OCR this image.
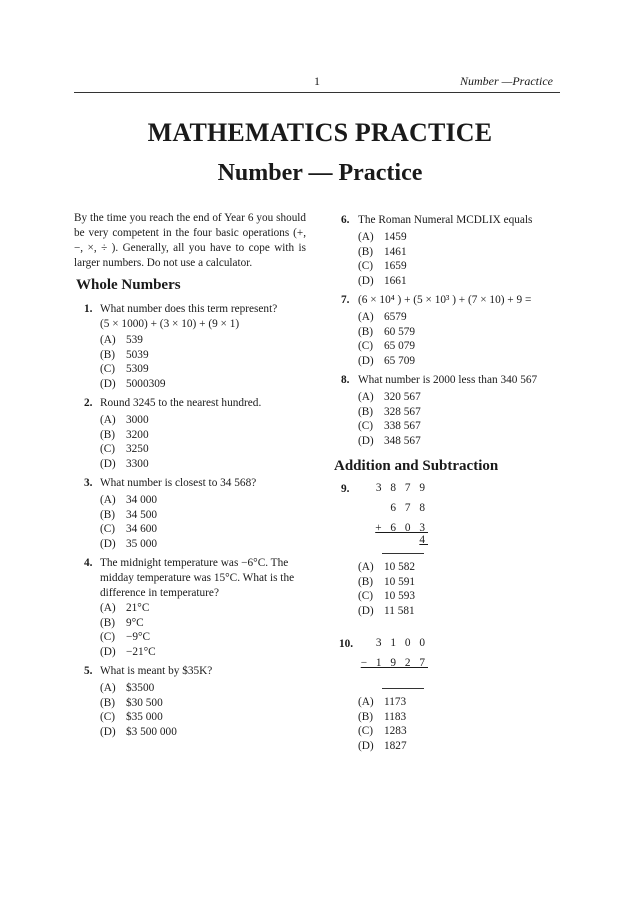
1	Number —Practice
MATHEMATICS PRACTICE
Number — Practice
By the time you reach the end of Year 6 you should be very competent in the four basic operations (+, −, ×, ÷ ). Generally, all you have to cope with is larger numbers. Do not use a calculator.
Whole Numbers
1. What number does this term represent?
(5 × 1000) + (3 × 10) + (9 × 1)
(A) 539
(B) 5039
(C) 5309
(D) 5000309
2. Round 3245 to the nearest hundred.
(A) 3000
(B) 3200
(C) 3250
(D) 3300
3. What number is closest to 34 568?
(A) 34 000
(B) 34 500
(C) 34 600
(D) 35 000
4. The midnight temperature was −6°C. The
midday temperature was 15°C. What is the
difference in temperature?
(A) 21°C
(B) 9°C
(C) −9°C
(D) −21°C
5. What is meant by $35K?
(A) $3500
(B) $30 500
(C) $35 000
(D) $3 500 000
6. The Roman Numeral MCDLIX equals
(A) 1459
(B) 1461
(C) 1659
(D) 1661
7. (6 × 10⁴ ) + (5 × 10³ ) + (7 × 10) + 9 =
(A) 6579
(B) 60 579
(C) 65 079
(D) 65 709
8. What number is 2000 less than 340 567
(A) 320 567
(B) 328 567
(C) 338 567
(D) 348 567
Addition and Subtraction
9.	3 8 7 9
6 7 8
+ 6 0 3 4
(A) 10 582
(B) 10 591
(C) 10 593
(D) 11 581
10.	3 1 0 0
− 1 9 2 7
(A) 1173
(B) 1183
(C) 1283
(D) 1827
